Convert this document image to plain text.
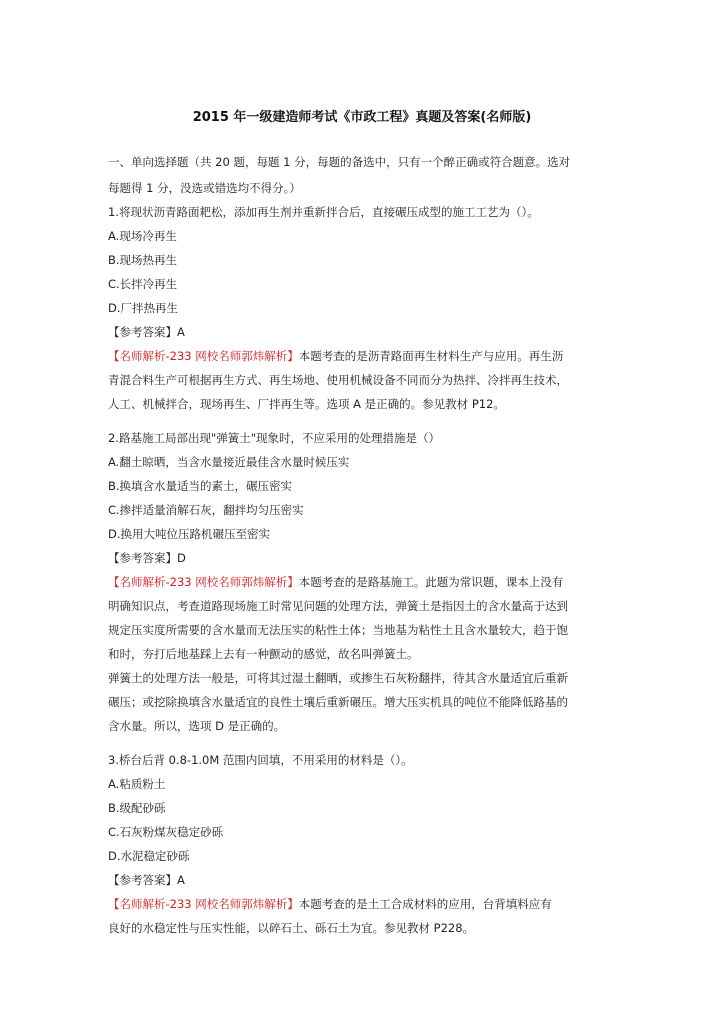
2015 年一级建造师考试《市政工程》真题及答案(名师版)
一、单向选择题（共 20 题，每题 1 分，每题的备选中，只有一个醉正确或符合题意。选对
每题得 1 分，没选或错选均不得分。）
1.将现状沥青路面耙松，添加再生剂并重新拌合后，直接碾压成型的施工工艺为（）。
A.现场冷再生
B.现场热再生
C.长拌冷再生
D.厂拌热再生
【参考答案】A
【名师解析-233 网校名师郭炜解析】本题考查的是沥青路面再生材料生产与应用。再生沥
青混合料生产可根据再生方式、再生场地、使用机械设备不同而分为热拌、冷拌再生技术，
人工、机械拌合，现场再生、厂拌再生等。选项 A 是正确的。参见教材 P12。
2.路基施工局部出现"弹簧土"现象时，不应采用的处理措施是（）
A.翻土晾晒，当含水量接近最佳含水量时候压实
B.换填含水量适当的素土，碾压密实
C.掺拌适量消解石灰，翻拌均匀压密实
D.换用大吨位压路机碾压至密实
【参考答案】D
【名师解析-233 网校名师郭炜解析】本题考查的是路基施工。此题为常识题，课本上没有
明确知识点，考查道路现场施工时常见问题的处理方法，弹簧土是指因土的含水量高于达到
规定压实度所需要的含水量而无法压实的粘性土体；当地基为粘性土且含水量较大，趋于饱
和时，夯打后地基踩上去有一种颤动的感觉，故名叫弹簧土。
弹簧土的处理方法一般是，可将其过湿土翻晒，或掺生石灰粉翻拌，待其含水量适宜后重新
碾压；或挖除换填含水量适宜的良性土壤后重新碾压。增大压实机具的吨位不能降低路基的
含水量。所以，选项 D 是正确的。
3.桥台后背 0.8-1.0M 范围内回填，不用采用的材料是（）。
A.粘质粉土
B.级配砂砾
C.石灰粉煤灰稳定砂砾
D.水泥稳定砂砾
【参考答案】A
【名师解析-233 网校名师郭炜解析】本题考查的是土工合成材料的应用，台背填料应有
良好的水稳定性与压实性能，以碎石土、砾石土为宜。参见教材 P228。
